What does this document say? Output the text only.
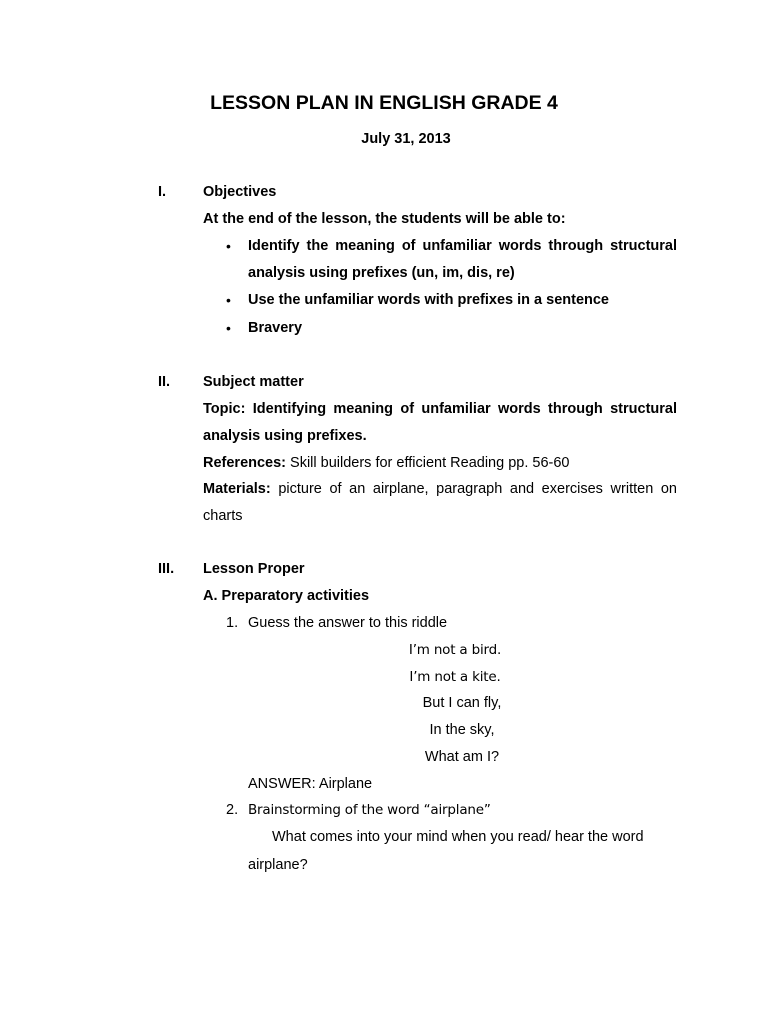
LESSON PLAN IN ENGLISH GRADE 4
July 31, 2013
I.	Objectives
At the end of the lesson, the students will be able to:
• Identify the meaning of unfamiliar words through structural
analysis using prefixes (un, im, dis, re)
• Use the unfamiliar words with prefixes in a sentence
• Bravery
II. Subject matter
Topic: Identifying meaning of unfamiliar words through structural
analysis using prefixes.
References: Skill builders for efficient Reading pp. 56-60
Materials: picture of an airplane, paragraph and exercises written on
charts
III. Lesson Proper
A. Preparatory activities
1. Guess the answer to this riddle
I’m not a bird.
I’m not a kite.
But I can fly,
In the sky,
What am I?
ANSWER: Airplane
2. Brainstorming of the word “airplane”
What comes into your mind when you read/ hear the word
airplane?
